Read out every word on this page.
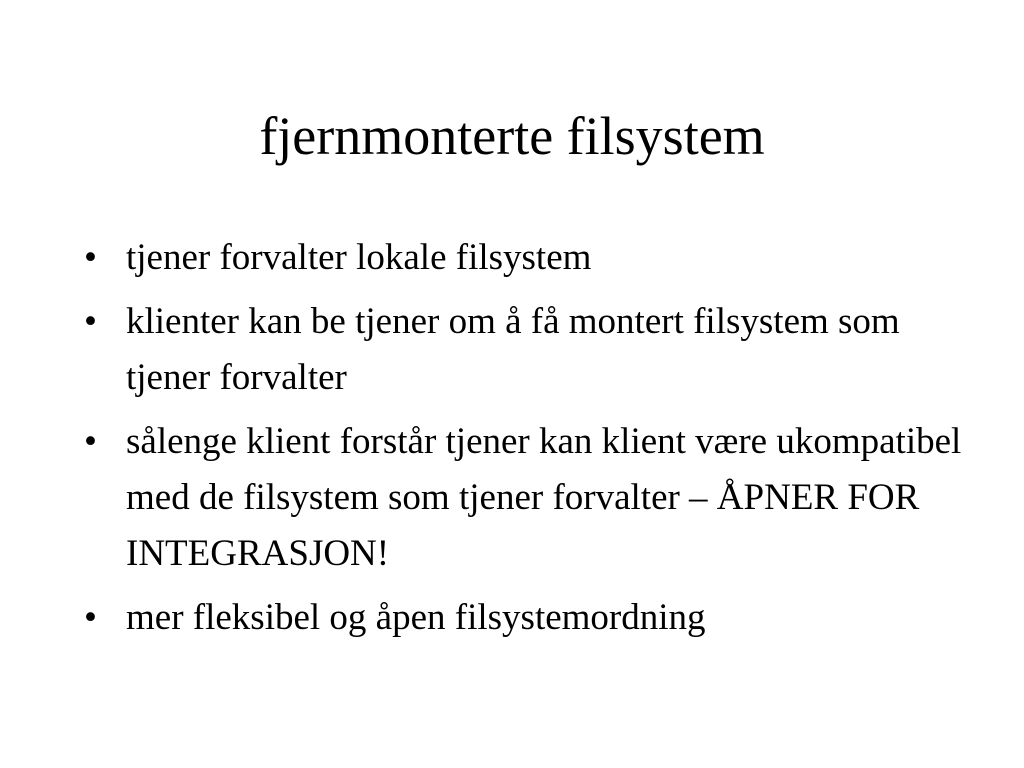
fjernmonterte filsystem
• tjener forvalter lokale filsystem
• klienter kan be tjener om å få montert filsystem som tjener forvalter
• sålenge klient forstår tjener kan klient være ukompatibel med de filsystem som tjener forvalter – ÅPNER FOR INTEGRASJON!
• mer fleksibel og åpen filsystemordning
